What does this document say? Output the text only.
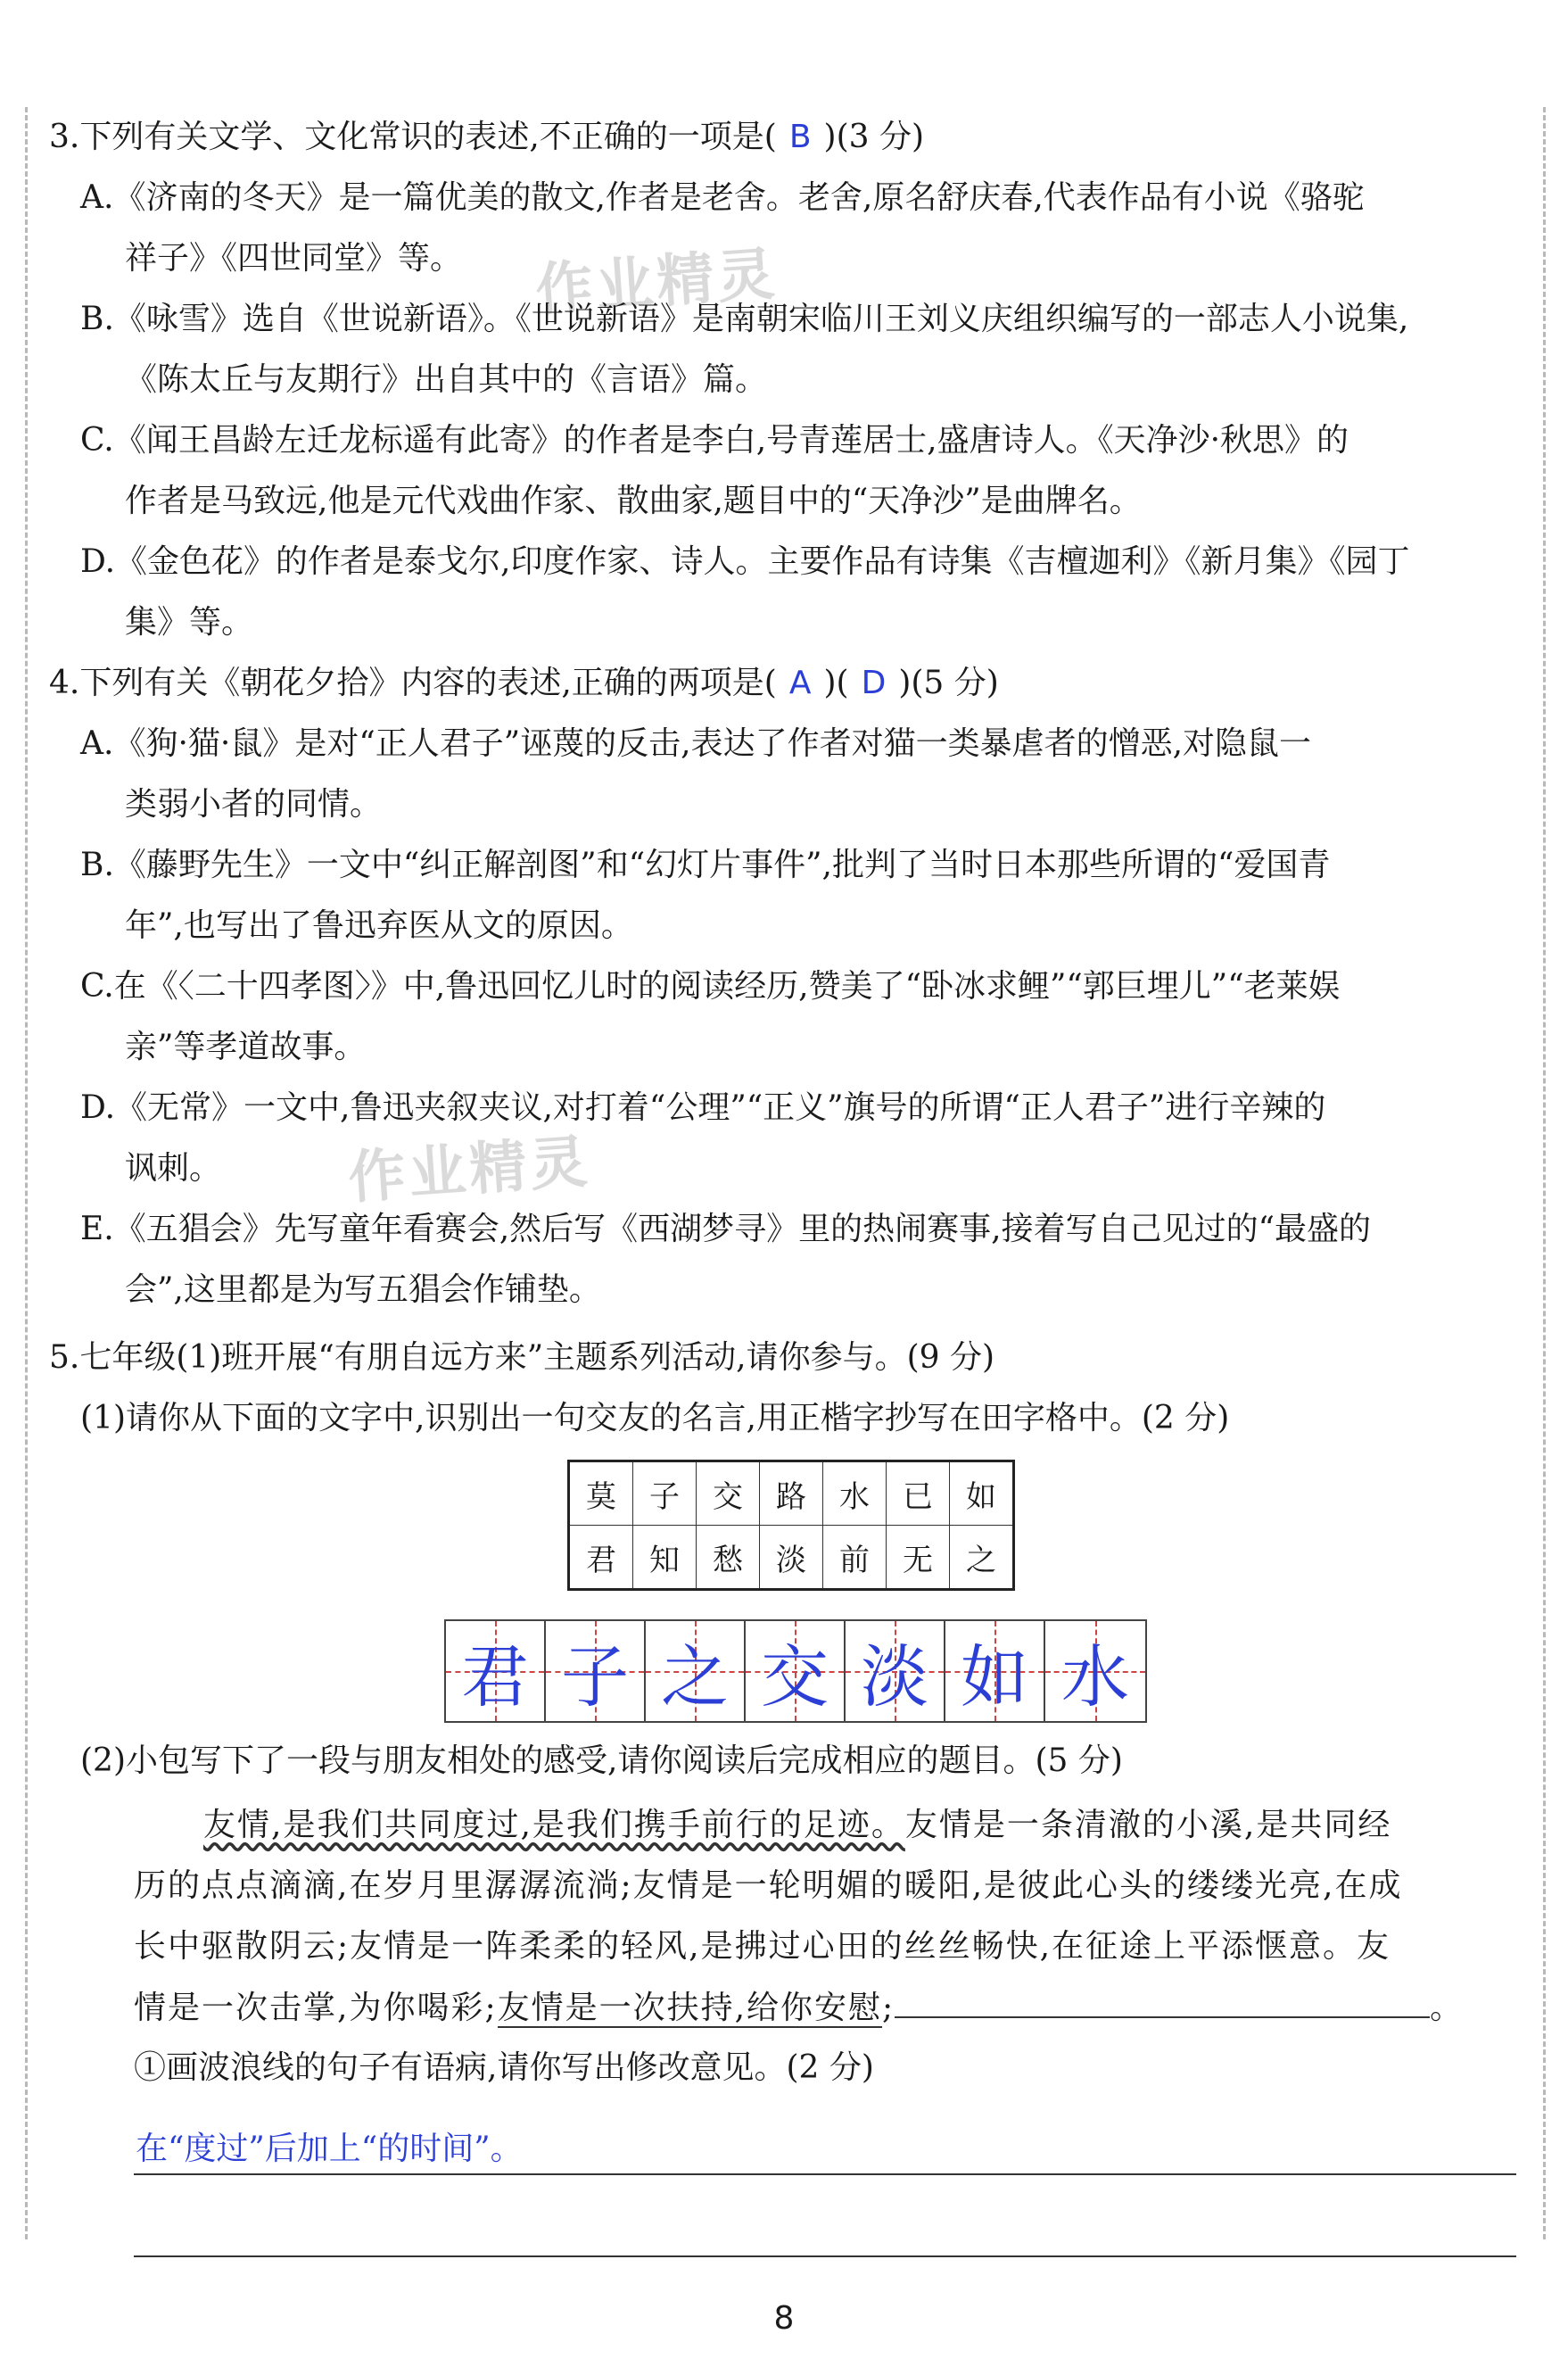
作业精灵
作业精灵
3.下列有关文学、文化常识的表述,不正确的一项是( B )(3 分)
A.《济南的冬天》是一篇优美的散文,作者是老舍。老舍,原名舒庆春,代表作品有小说《骆驼
祥子》《四世同堂》等。
B.《咏雪》选自《世说新语》。《世说新语》是南朝宋临川王刘义庆组织编写的一部志人小说集,
《陈太丘与友期行》出自其中的《言语》篇。
C.《闻王昌龄左迁龙标遥有此寄》的作者是李白,号青莲居士,盛唐诗人。《天净沙·秋思》的
作者是马致远,他是元代戏曲作家、散曲家,题目中的“天净沙”是曲牌名。
D.《金色花》的作者是泰戈尔,印度作家、诗人。主要作品有诗集《吉檀迦利》《新月集》《园丁
集》等。
4.下列有关《朝花夕拾》内容的表述,正确的两项是( A )( D )(5 分)
A.《狗·猫·鼠》是对“正人君子”诬蔑的反击,表达了作者对猫一类暴虐者的憎恶,对隐鼠一
类弱小者的同情。
B.《藤野先生》一文中“纠正解剖图”和“幻灯片事件”,批判了当时日本那些所谓的“爱国青
年”,也写出了鲁迅弃医从文的原因。
C.在《〈二十四孝图〉》中,鲁迅回忆儿时的阅读经历,赞美了“卧冰求鲤”“郭巨埋儿”“老莱娱
亲”等孝道故事。
D.《无常》一文中,鲁迅夹叙夹议,对打着“公理”“正义”旗号的所谓“正人君子”进行辛辣的
讽刺。
E.《五猖会》先写童年看赛会,然后写《西湖梦寻》里的热闹赛事,接着写自己见过的“最盛的
会”,这里都是为写五猖会作铺垫。
5.七年级(1)班开展“有朋自远方来”主题系列活动,请你参与。(9 分)
(1)请你从下面的文字中,识别出一句交友的名言,用正楷字抄写在田字格中。(2 分)
莫	子	交	路	水	已	如
君	知	愁	淡	前	无	之
君 子 之 交 淡 如 水
(2)小包写下了一段与朋友相处的感受,请你阅读后完成相应的题目。(5 分)
友情,是我们共同度过,是我们携手前行的足迹。友情是一条清澈的小溪,是共同经
历的点点滴滴,在岁月里潺潺流淌;友情是一轮明媚的暖阳,是彼此心头的缕缕光亮,在成
长中驱散阴云;友情是一阵柔柔的轻风,是拂过心田的丝丝畅快,在征途上平添惬意。友
情是一次击掌,为你喝彩;友情是一次扶持,给你安慰;	。
①画波浪线的句子有语病,请你写出修改意见。(2 分)
在“度过”后加上“的时间”。
8
